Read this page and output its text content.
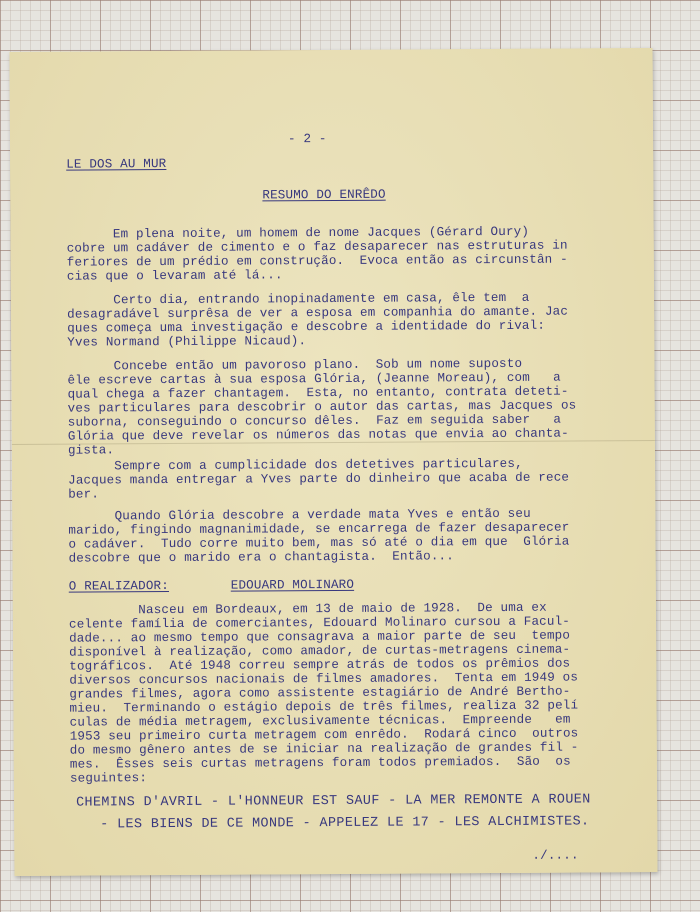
- 2 -
LE DOS AU MUR
RESUMO DO ENRÊDO
Em plena noite, um homem de nome Jacques (Gérard Oury)
cobre um cadáver de cimento e o faz desaparecer nas estruturas in
feriores de um prédio em construção.  Evoca então as circunstân -
cias que o levaram até lá...
Certo dia, entrando inopinadamente em casa, êle tem  a
desagradável surprêsa de ver a esposa em companhia do amante. Jac
ques começa uma investigação e descobre a identidade do rival:
Yves Normand (Philippe Nicaud).
Concebe então um pavoroso plano.  Sob um nome suposto
êle escreve cartas à sua esposa Glória, (Jeanne Moreau), com   a
qual chega a fazer chantagem.  Esta, no entanto, contrata deteti-
ves particulares para descobrir o autor das cartas, mas Jacques os
suborna, conseguindo o concurso dêles.  Faz em seguida saber   a
Glória que deve revelar os números das notas que envia ao chanta-
gista.
Sempre com a cumplicidade dos detetives particulares,
Jacques manda entregar a Yves parte do dinheiro que acaba de rece
ber.
Quando Glória descobre a verdade mata Yves e então seu
marido, fingindo magnanimidade, se encarrega de fazer desaparecer
o cadáver.  Tudo corre muito bem, mas só até o dia em que  Glória
descobre que o marido era o chantagista.  Então...
O REALIZADOR:	EDOUARD MOLINARO
Nasceu em Bordeaux, em 13 de maio de 1928.  De uma ex
celente família de comerciantes, Edouard Molinaro cursou a Facul-
dade... ao mesmo tempo que consagrava a maior parte de seu  tempo
disponível à realização, como amador, de curtas-metragens cinema-
tográficos.  Até 1948 correu sempre atrás de todos os prêmios dos
diversos concursos nacionais de filmes amadores.  Tenta em 1949 os
grandes filmes, agora como assistente estagiário de André Bertho-
mieu.  Terminando o estágio depois de três filmes, realiza 32 pelí
culas de média metragem, exclusivamente técnicas.  Empreende   em
1953 seu primeiro curta metragem com enrêdo.  Rodará cinco  outros
do mesmo gênero antes de se iniciar na realização de grandes fil -
mes.  Êsses seis curtas metragens foram todos premiados.  São  os
seguintes:
CHEMINS D'AVRIL - L'HONNEUR EST SAUF - LA MER REMONTE A ROUEN
- LES BIENS DE CE MONDE - APPELEZ LE 17 - LES ALCHIMISTES.
./....
